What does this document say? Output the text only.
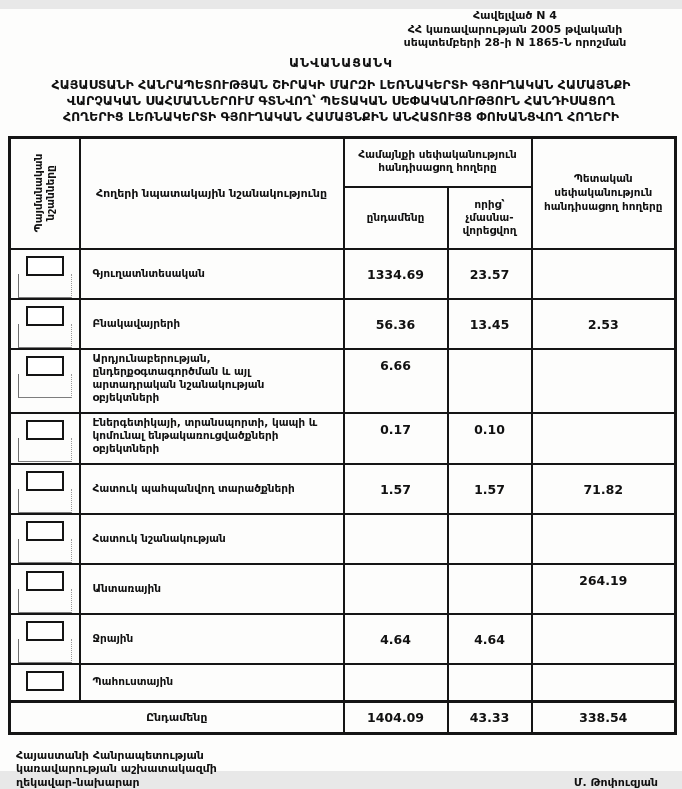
Հավելված N 4
ՀՀ կառավարության 2005 թվականի
սեպտեմբերի 28-ի N 1865-Ն որոշման
ԱՆՎԱՆԱՑԱՆԿ
ՀԱՅԱՍՏԱՆԻ ՀԱՆՐԱՊԵՏՈՒԹՅԱՆ ՇԻՐԱԿԻ ՄԱՐԶԻ ԼԵՌՆԱԿԵՐՏԻ ԳՅՈՒՂԱԿԱՆ ՀԱՄԱՅՆՔԻ
ՎԱՐՉԱԿԱՆ ՍԱՀՄԱՆՆԵՐՈՒՄ ԳՏՆՎՈՂ՝ ՊԵՏԱԿԱՆ ՍԵՓԱԿԱՆՈՒԹՅՈՒՆ ՀԱՆԴԻՍԱՑՈՂ
ՀՈՂԵՐԻՑ ԼԵՌՆԱԿԵՐՏԻ ԳՅՈՒՂԱԿԱՆ ՀԱՄԱՅՆՔԻՆ ԱՆՀԱՏՈՒՅՑ ՓՈԽԱՆՑՎՈՂ ՀՈՂԵՐԻ
Պայմանական նշանները	Հողերի նպատակային նշանակությունը	Համայնքի սեփականություն հանդիսացող հողերը		Պետական սեփականություն հանդիսացող հողերը
		ընդամենը	որից՝ չմասնա-վորեցվող	

	Գյուղատնտեսական	1334.69	23.57	

	Բնակավայրերի	56.36	13.45	2.53

	Արդյունաբերության, ընդերքօգտագործման և այլ արտադրական նշանակության օբյեկտների	6.66		

	Էներգետիկայի, տրանսպորտի, կապի և կոմունալ ենթակառուցվածքների օբյեկտների	0.17	0.10	

	Հատուկ պահպանվող տարածքների	1.57	1.57	71.82

	Հատուկ նշանակության			

	Անտառային			264.19

	Ջրային	4.64	4.64	

	Պահուստային			
Ընդամենը		1404.09	43.33	338.54
Հայաստանի Հանրապետության
կառավարության աշխատակազմի
ղեկավար-նախարար	Մ. Թոփուզյան
